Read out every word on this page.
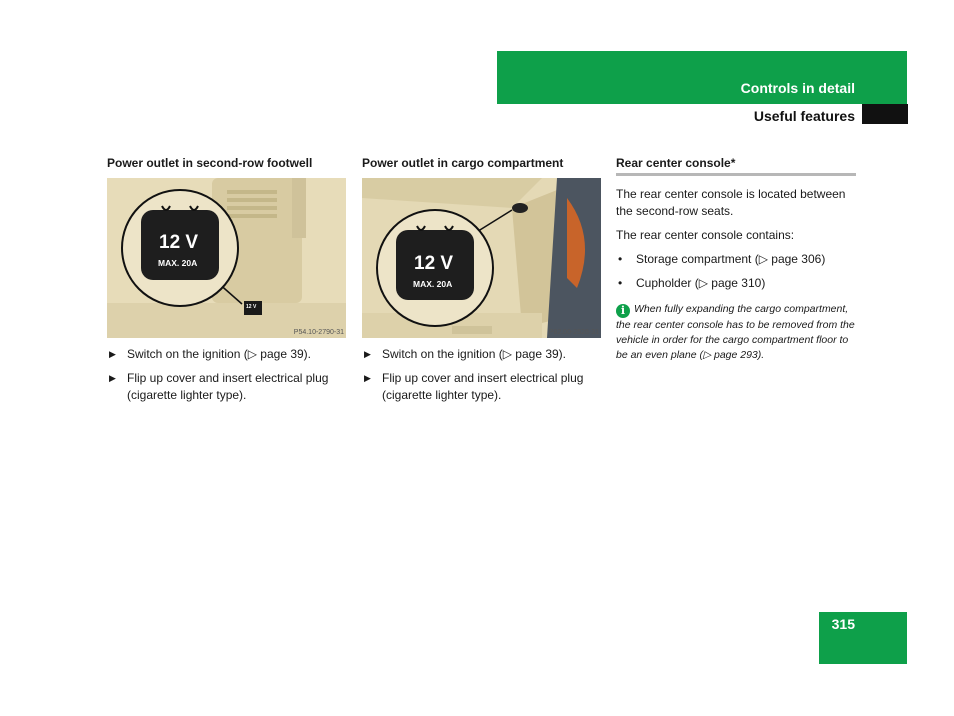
Controls in detail
Useful features
Power outlet in second-row footwell
12 V
MAX. 20A
12 V
P54.10-2790-31
▶ Switch on the ignition (▷ page 39).
▶ Flip up cover and insert electrical plug (cigarette lighter type).
Power outlet in cargo compartment
12 V
MAX. 20A
P82.00-2528-31
▶ Switch on the ignition (▷ page 39).
▶ Flip up cover and insert electrical plug (cigarette lighter type).
Rear center console*

The rear center console is located between the second-row seats.

The rear center console contains:

• Storage compartment (▷ page 306)
• Cupholder (▷ page 310)
i When fully expanding the cargo compartment, the rear center console has to be removed from the vehicle in order for the cargo compartment floor to be an even plane (▷ page 293).
315
